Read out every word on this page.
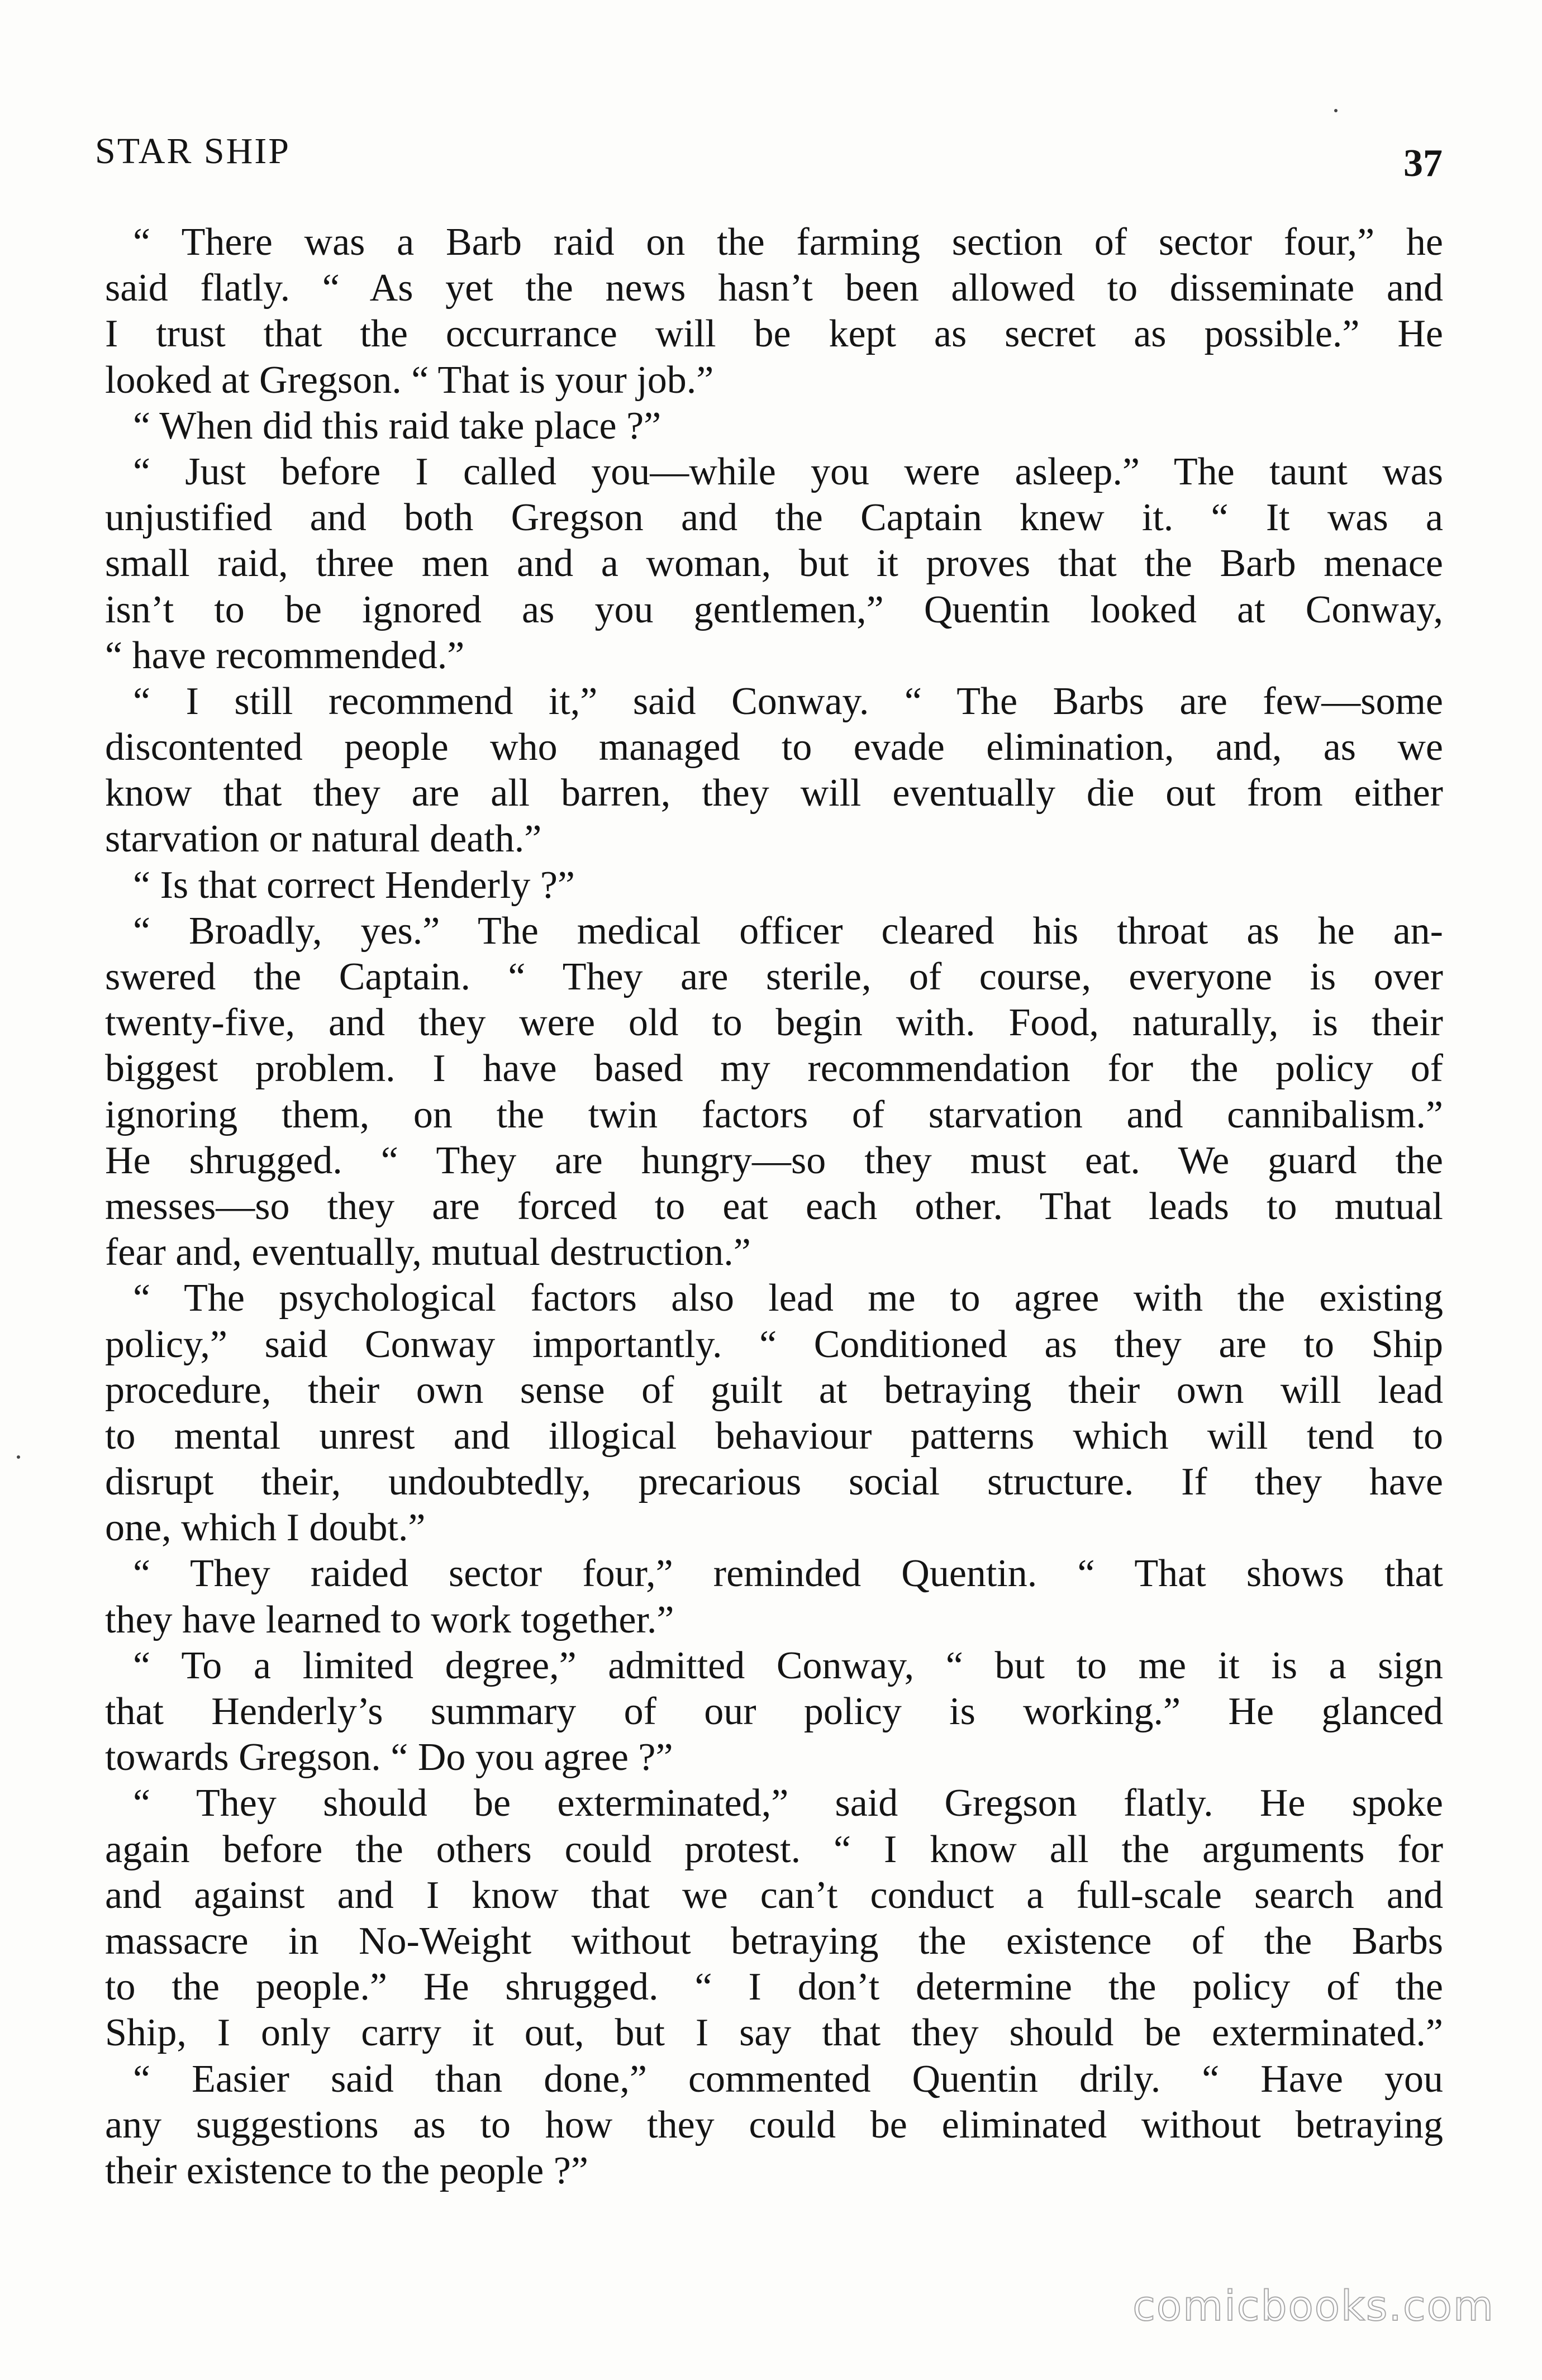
STAR SHIP	37
“ There was a Barb raid on the farming section of sector four,” he
said flatly. “ As yet the news hasn’t been allowed to disseminate and
I trust that the occurrance will be kept as secret as possible.” He
looked at Gregson. “ That is your job.”
“ When did this raid take place ?”
“ Just before I called you—while you were asleep.” The taunt was
unjustified and both Gregson and the Captain knew it. “ It was a
small raid, three men and a woman, but it proves that the Barb menace
isn’t to be ignored as you gentlemen,” Quentin looked at Conway,
“ have recommended.”
“ I still recommend it,” said Conway. “ The Barbs are few—some
discontented people who managed to evade elimination, and, as we
know that they are all barren, they will eventually die out from either
starvation or natural death.”
“ Is that correct Henderly ?”
“ Broadly, yes.” The medical officer cleared his throat as he an-
swered the Captain. “ They are sterile, of course, everyone is over
twenty-five, and they were old to begin with. Food, naturally, is their
biggest problem. I have based my recommendation for the policy of
ignoring them, on the twin factors of starvation and cannibalism.”
He shrugged. “ They are hungry—so they must eat. We guard the
messes—so they are forced to eat each other. That leads to mutual
fear and, eventually, mutual destruction.”
“ The psychological factors also lead me to agree with the existing
policy,” said Conway importantly. “ Conditioned as they are to Ship
procedure, their own sense of guilt at betraying their own will lead
to mental unrest and illogical behaviour patterns which will tend to
disrupt their, undoubtedly, precarious social structure. If they have
one, which I doubt.”
“ They raided sector four,” reminded Quentin. “ That shows that
they have learned to work together.”
“ To a limited degree,” admitted Conway, “ but to me it is a sign
that Henderly’s summary of our policy is working.” He glanced
towards Gregson. “ Do you agree ?”
“ They should be exterminated,” said Gregson flatly. He spoke
again before the others could protest. “ I know all the arguments for
and against and I know that we can’t conduct a full-scale search and
massacre in No-Weight without betraying the existence of the Barbs
to the people.” He shrugged. “ I don’t determine the policy of the
Ship, I only carry it out, but I say that they should be exterminated.”
“ Easier said than done,” commented Quentin drily. “ Have you
any suggestions as to how they could be eliminated without betraying
their existence to the people ?”
comicbooks.com
